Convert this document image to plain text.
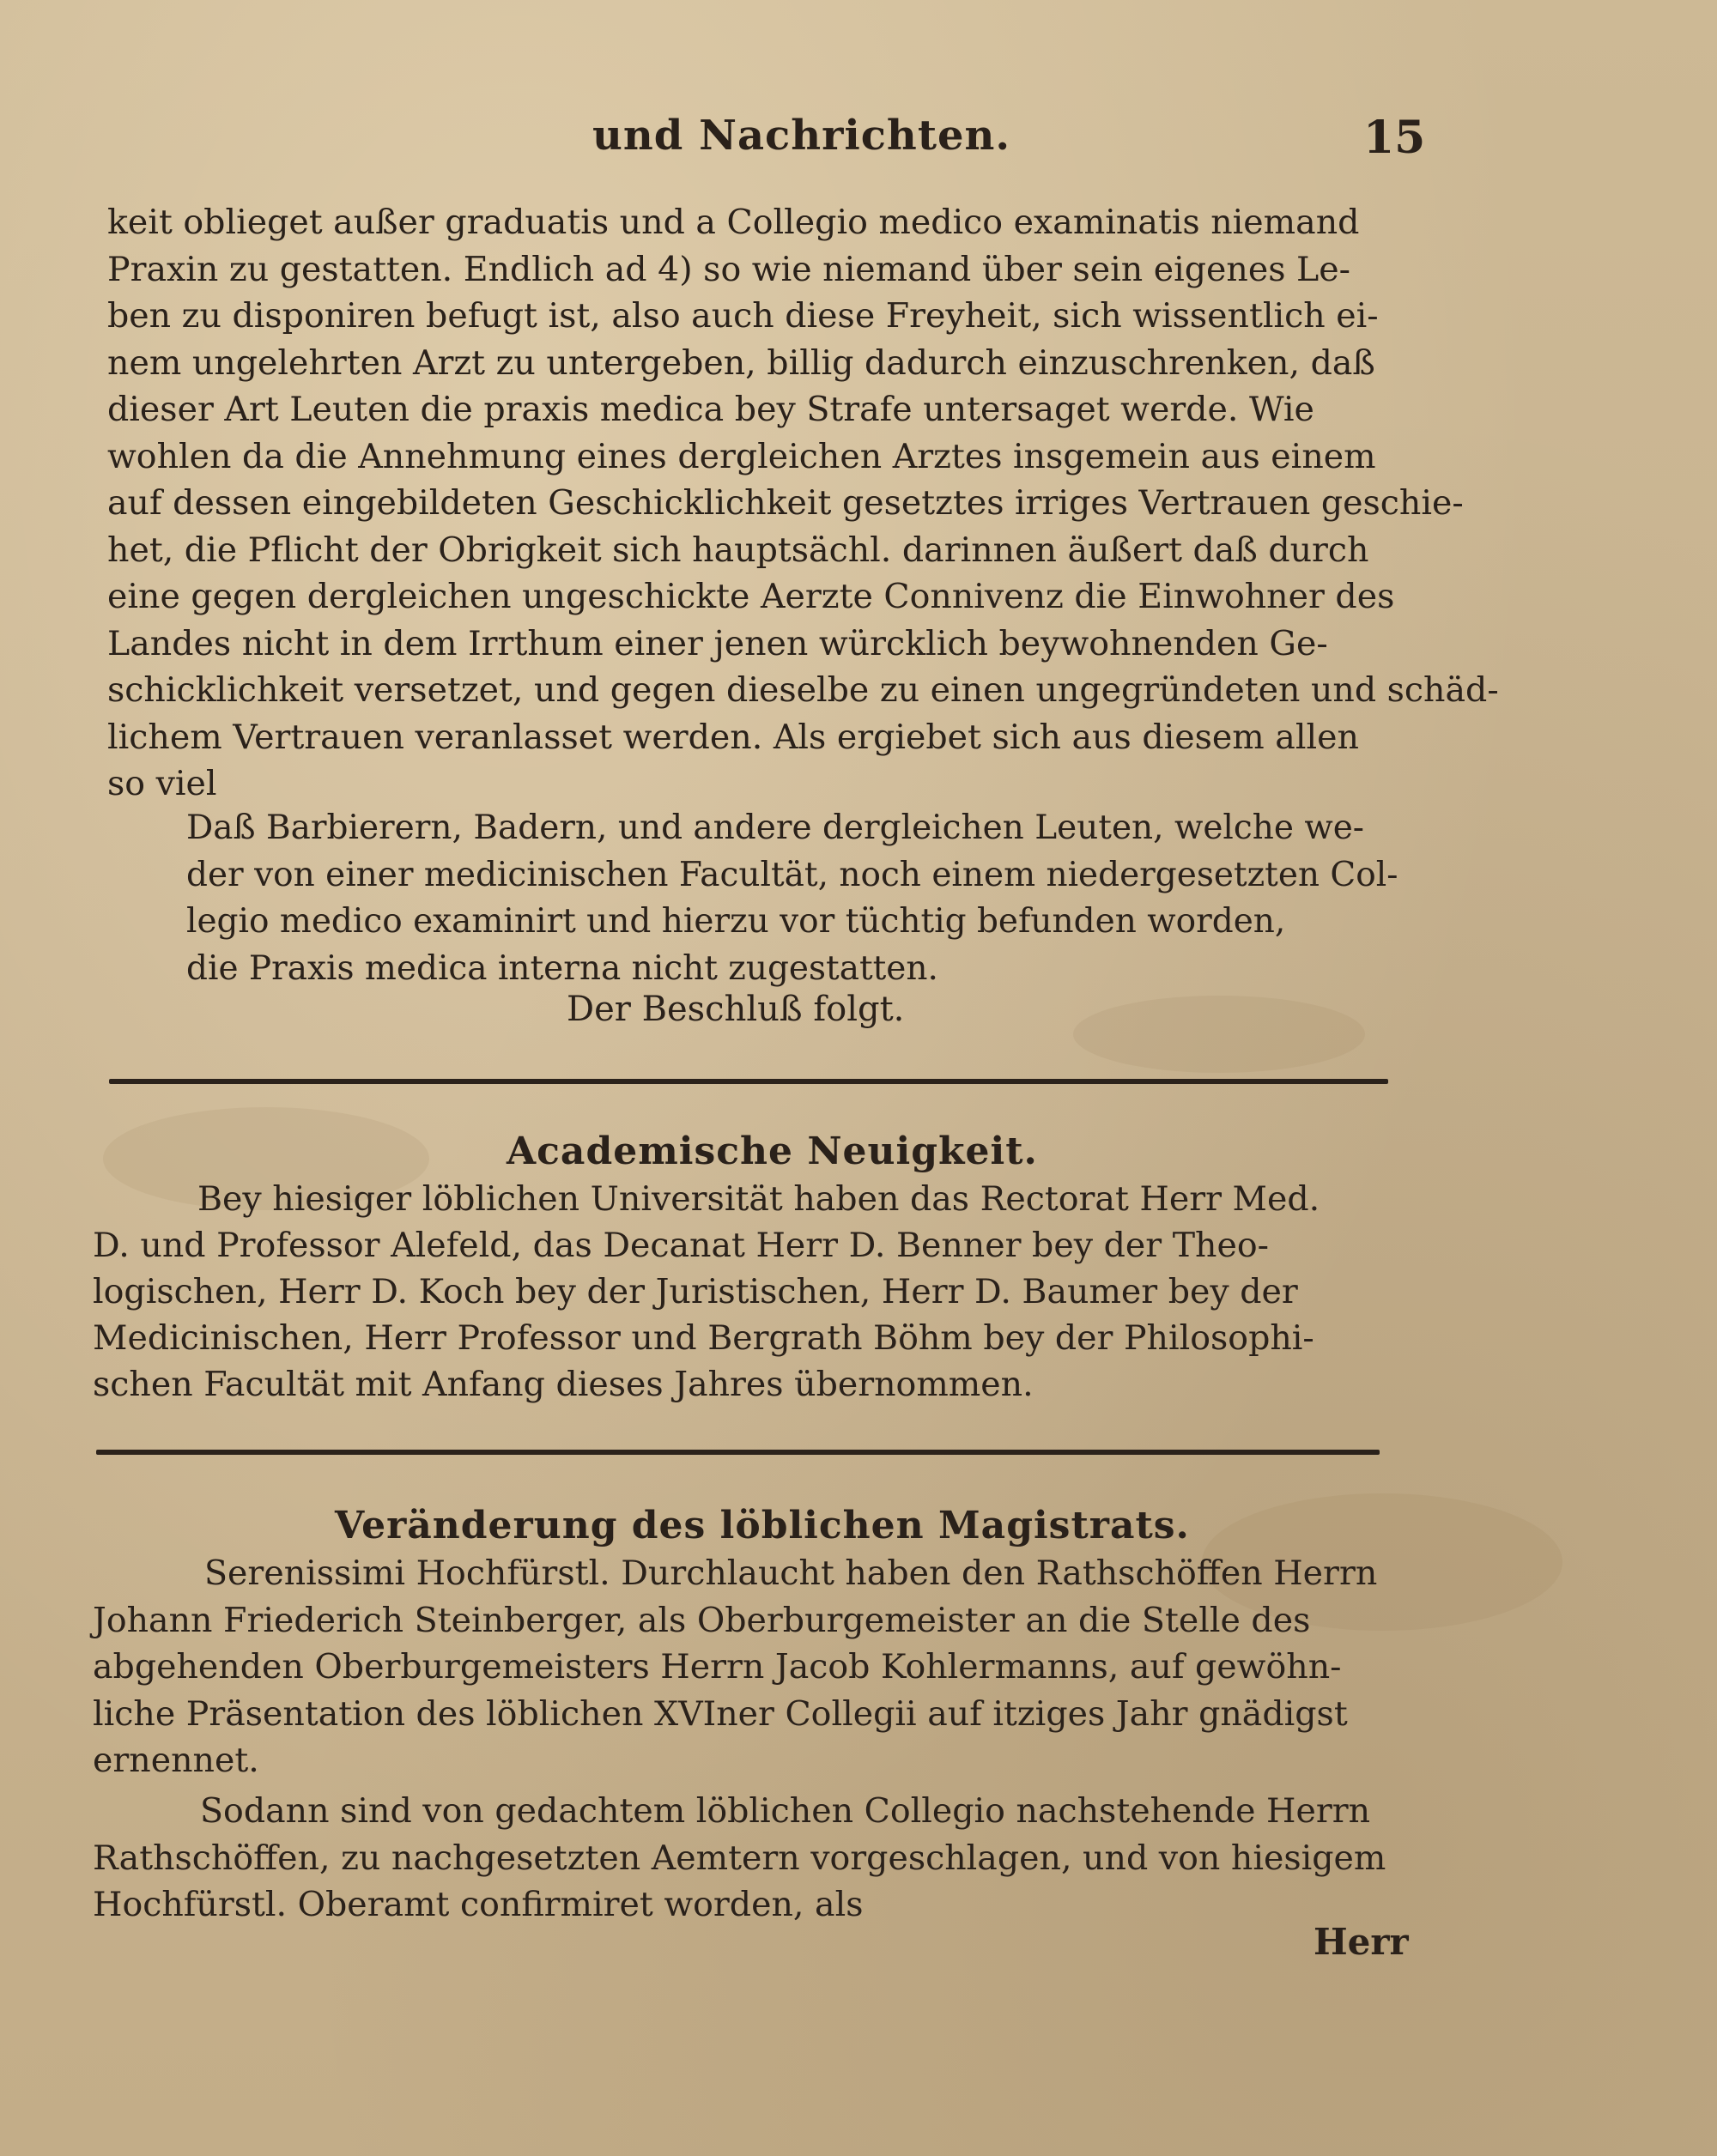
und Nachrichten.	15
keit oblieget außer graduatis und a Collegio medico examinatis niemand
Praxin zu gestatten. Endlich ad 4) so wie niemand über sein eigenes Le-
ben zu disponiren befugt ist, also auch diese Freyheit, sich wissentlich ei-
nem ungelehrten Arzt zu untergeben, billig dadurch einzuschrenken, daß
dieser Art Leuten die praxis medica bey Strafe untersaget werde. Wie
wohlen da die Annehmung eines dergleichen Arztes insgemein aus einem
auf dessen eingebildeten Geschicklichkeit gesetztes irriges Vertrauen geschie-
het, die Pflicht der Obrigkeit sich hauptsächl. darinnen äußert daß durch
eine gegen dergleichen ungeschickte Aerzte Connivenz die Einwohner des
Landes nicht in dem Irrthum einer jenen würcklich beywohnenden Ge-
schicklichkeit versetzet, und gegen dieselbe zu einen ungegründeten und schäd-
lichem Vertrauen veranlasset werden. Als ergiebet sich aus diesem allen
so viel
Daß Barbierern, Badern, und andere dergleichen Leuten, welche we-
der von einer medicinischen Facultät, noch einem niedergesetzten Col-
legio medico examinirt und hierzu vor tüchtig befunden worden,
die Praxis medica interna nicht zugestatten.
Der Beschluß folgt.
Academische Neuigkeit.
Bey hiesiger löblichen Universität haben das Rectorat Herr Med.
D. und Professor Alefeld, das Decanat Herr D. Benner bey der Theo-
logischen, Herr D. Koch bey der Juristischen, Herr D. Baumer bey der
Medicinischen, Herr Professor und Bergrath Böhm bey der Philosophi-
schen Facultät mit Anfang dieses Jahres übernommen.
Veränderung des löblichen Magistrats.
Serenissimi Hochfürstl. Durchlaucht haben den Rathschöffen Herrn
Johann Friederich Steinberger, als Oberburgemeister an die Stelle des
abgehenden Oberburgemeisters Herrn Jacob Kohlermanns, auf gewöhn-
liche Präsentation des löblichen XVIner Collegii auf itziges Jahr gnädigst
ernennet.
Sodann sind von gedachtem löblichen Collegio nachstehende Herrn
Rathschöffen, zu nachgesetzten Aemtern vorgeschlagen, und von hiesigem
Hochfürstl. Oberamt confirmiret worden, als
Herr
